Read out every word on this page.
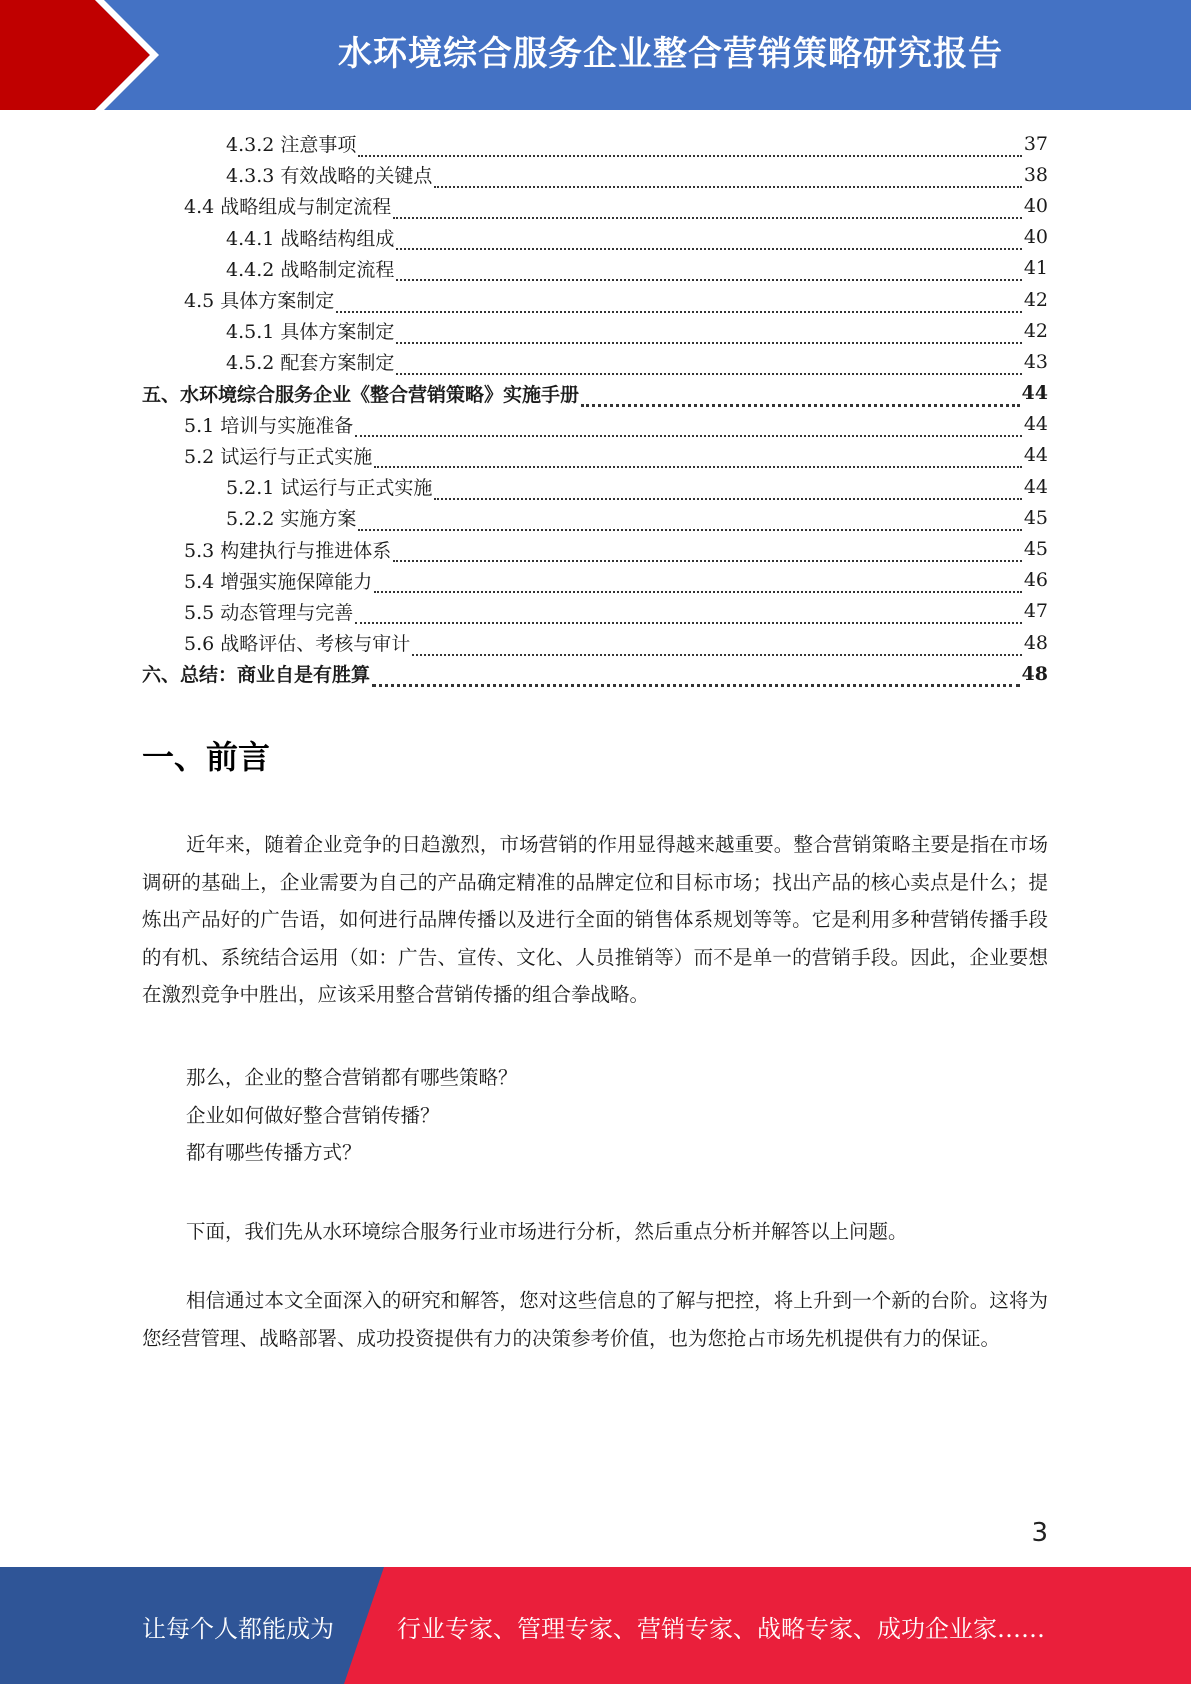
水环境综合服务企业整合营销策略研究报告
4.3.2 注意事项	37
4.3.3 有效战略的关键点	38
4.4 战略组成与制定流程	40
4.4.1 战略结构组成	40
4.4.2 战略制定流程	41
4.5 具体方案制定	42
4.5.1 具体方案制定	42
4.5.2 配套方案制定	43
五、水环境综合服务企业《整合营销策略》实施手册	44
5.1 培训与实施准备	44
5.2 试运行与正式实施	44
5.2.1 试运行与正式实施	44
5.2.2 实施方案	45
5.3 构建执行与推进体系	45
5.4 增强实施保障能力	46
5.5 动态管理与完善	47
5.6 战略评估、考核与审计	48
六、总结：商业自是有胜算	48
一、前言
近年来，随着企业竞争的日趋激烈，市场营销的作用显得越来越重要。整合营销策略主要是指在市场调研的基础上，企业需要为自己的产品确定精准的品牌定位和目标市场；找出产品的核心卖点是什么；提炼出产品好的广告语，如何进行品牌传播以及进行全面的销售体系规划等等。它是利用多种营销传播手段的有机、系统结合运用（如：广告、宣传、文化、人员推销等）而不是单一的营销手段。因此，企业要想在激烈竞争中胜出，应该采用整合营销传播的组合拳战略。
那么，企业的整合营销都有哪些策略？
企业如何做好整合营销传播？
都有哪些传播方式？
下面，我们先从水环境综合服务行业市场进行分析，然后重点分析并解答以上问题。
相信通过本文全面深入的研究和解答，您对这些信息的了解与把控，将上升到一个新的台阶。这将为您经营管理、战略部署、成功投资提供有力的决策参考价值，也为您抢占市场先机提供有力的保证。
3
让每个人都能成为	行业专家、管理专家、营销专家、战略专家、成功企业家……
